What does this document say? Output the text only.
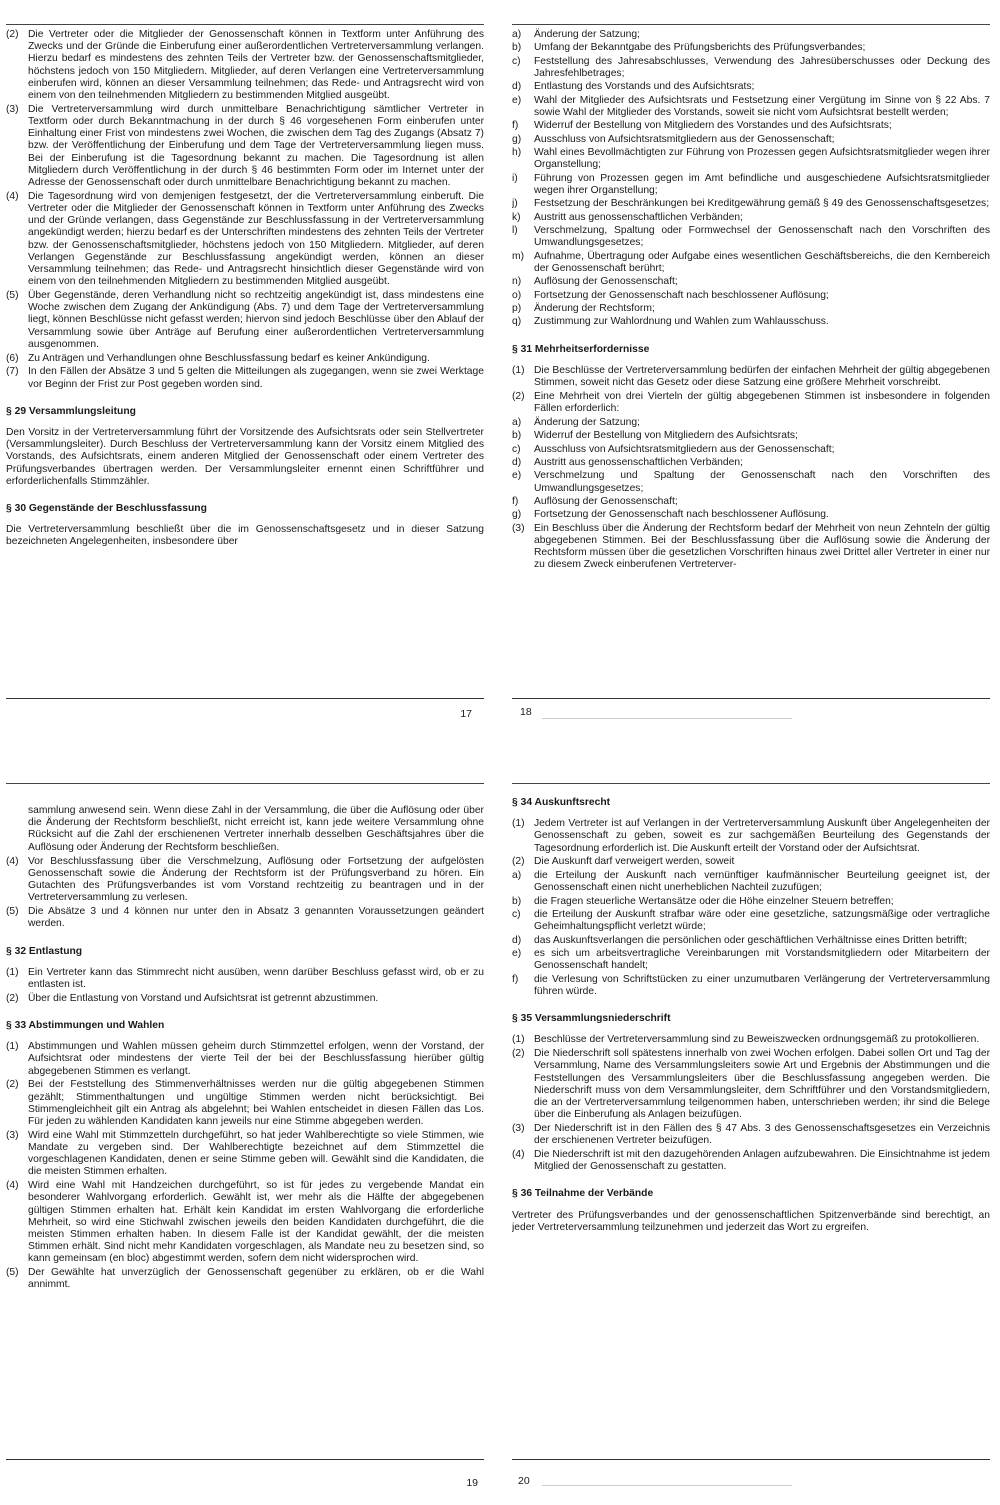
(2) Die Vertreter oder die Mitglieder der Genossenschaft können in Textform unter Anführung des Zwecks und der Gründe die Einberufung einer außerordentlichen Vertreterversammlung verlangen. Hierzu bedarf es mindestens des zehnten Teils der Vertreter bzw. der Genossenschaftsmitglieder, höchstens jedoch von 150 Mitgliedern. Mitglieder, auf deren Verlangen eine Vertreterversammlung einberufen wird, können an dieser Versammlung teilnehmen; das Rede- und Antragsrecht wird von einem von den teilnehmenden Mitgliedern zu bestimmenden Mitglied ausgeübt.
(3) Die Vertreterversammlung wird durch unmittelbare Benachrichtigung sämtlicher Vertreter in Textform oder durch Bekanntmachung in der durch § 46 vorgesehenen Form einberufen unter Einhaltung einer Frist von mindestens zwei Wochen, die zwischen dem Tag des Zugangs (Absatz 7) bzw. der Veröffentlichung der Einberufung und dem Tage der Vertreterversammlung liegen muss. Bei der Einberufung ist die Tagesordnung bekannt zu machen. Die Tagesordnung ist allen Mitgliedern durch Veröffentlichung in der durch § 46 bestimmten Form oder im Internet unter der Adresse der Genossenschaft oder durch unmittelbare Benachrichtigung bekannt zu machen.
(4) Die Tagesordnung wird von demjenigen festgesetzt, der die Vertreterversammlung einberuft. Die Vertreter oder die Mitglieder der Genossenschaft können in Textform unter Anführung des Zwecks und der Gründe verlangen, dass Gegenstände zur Beschlussfassung in der Vertreterversammlung angekündigt werden; hierzu bedarf es der Unterschriften mindestens des zehnten Teils der Vertreter bzw. der Genossenschaftsmitglieder, höchstens jedoch von 150 Mitgliedern. Mitglieder, auf deren Verlangen Gegenstände zur Beschlussfassung angekündigt werden, können an dieser Versammlung teilnehmen; das Rede- und Antragsrecht hinsichtlich dieser Gegenstände wird von einem von den teilnehmenden Mitgliedern zu bestimmenden Mitglied ausgeübt.
(5) Über Gegenstände, deren Verhandlung nicht so rechtzeitig angekündigt ist, dass mindestens eine Woche zwischen dem Zugang der Ankündigung (Abs. 7) und dem Tage der Vertreterversammlung liegt, können Beschlüsse nicht gefasst werden; hiervon sind jedoch Beschlüsse über den Ablauf der Versammlung sowie über Anträge auf Berufung einer außerordentlichen Vertreterversammlung ausgenommen.
(6) Zu Anträgen und Verhandlungen ohne Beschlussfassung bedarf es keiner Ankündigung.
(7) In den Fällen der Absätze 3 und 5 gelten die Mitteilungen als zugegangen, wenn sie zwei Werktage vor Beginn der Frist zur Post gegeben worden sind.
§ 29 Versammlungsleitung
Den Vorsitz in der Vertreterversammlung führt der Vorsitzende des Aufsichtsrats oder sein Stellvertreter (Versammlungsleiter). Durch Beschluss der Vertreterversammlung kann der Vorsitz einem Mitglied des Vorstands, des Aufsichtsrats, einem anderen Mitglied der Genossenschaft oder einem Vertreter des Prüfungsverbandes übertragen werden. Der Versammlungsleiter ernennt einen Schriftführer und erforderlichenfalls Stimmzähler.
§ 30 Gegenstände der Beschlussfassung
Die Vertreterversammlung beschließt über die im Genossenschaftsgesetz und in dieser Satzung bezeichneten Angelegenheiten, insbesondere über
17
a)	Änderung der Satzung;
b)	Umfang der Bekanntgabe des Prüfungsberichts des Prüfungsverbandes;
c)	Feststellung des Jahresabschlusses, Verwendung des Jahresüberschusses oder Deckung des Jahresfehlbetrages;
d)	Entlastung des Vorstands und des Aufsichtsrats;
e)	Wahl der Mitglieder des Aufsichtsrats und Festsetzung einer Vergütung im Sinne von § 22 Abs. 7 sowie Wahl der Mitglieder des Vorstands, soweit sie nicht vom Aufsichtsrat bestellt werden;
f)	Widerruf der Bestellung von Mitgliedern des Vorstandes und des Aufsichtsrats;
g)	Ausschluss von Aufsichtsratsmitgliedern aus der Genossenschaft;
h)	Wahl eines Bevollmächtigten zur Führung von Prozessen gegen Aufsichtsratsmitglieder wegen ihrer Organstellung;
i)	Führung von Prozessen gegen im Amt befindliche und ausgeschiedene Aufsichtsratsmitglieder wegen ihrer Organstellung;
j)	Festsetzung der Beschränkungen bei Kreditgewährung gemäß § 49 des Genossenschaftsgesetzes;
k)	Austritt aus genossenschaftlichen Verbänden;
l)	Verschmelzung, Spaltung oder Formwechsel der Genossenschaft nach den Vorschriften des Umwandlungsgesetzes;
m) Aufnahme, Übertragung oder Aufgabe eines wesentlichen Geschäftsbereichs, die den Kernbereich der Genossenschaft berührt;
n)	Auflösung der Genossenschaft;
o)	Fortsetzung der Genossenschaft nach beschlossener Auflösung;
p)	Änderung der Rechtsform;
q)	Zustimmung zur Wahlordnung und Wahlen zum Wahlausschuss.
§ 31 Mehrheitserfordernisse
(1) Die Beschlüsse der Vertreterversammlung bedürfen der einfachen Mehrheit der gültig abgegebenen Stimmen, soweit nicht das Gesetz oder diese Satzung eine größere Mehrheit vorschreibt.
(2) Eine Mehrheit von drei Vierteln der gültig abgegebenen Stimmen ist insbesondere in folgenden Fällen erforderlich:
a)	Änderung der Satzung;
b)	Widerruf der Bestellung von Mitgliedern des Aufsichtsrats;
c)	Ausschluss von Aufsichtsratsmitgliedern aus der Genossenschaft;
d)	Austritt aus genossenschaftlichen Verbänden;
e)	Verschmelzung und Spaltung der Genossenschaft nach den Vorschriften des Umwandlungsgesetzes;
f)	Auflösung der Genossenschaft;
g)	Fortsetzung der Genossenschaft nach beschlossener Auflösung.
(3) Ein Beschluss über die Änderung der Rechtsform bedarf der Mehrheit von neun Zehnteln der gültig abgegebenen Stimmen. Bei der Beschlussfassung über die Auflösung sowie die Änderung der Rechtsform müssen über die gesetzlichen Vorschriften hinaus zwei Drittel aller Vertreter in einer nur zu diesem Zweck einberufenen Vertreterver-
18
sammlung anwesend sein. Wenn diese Zahl in der Versammlung, die über die Auflösung oder über die Änderung der Rechtsform beschließt, nicht erreicht ist, kann jede weitere Versammlung ohne Rücksicht auf die Zahl der erschienenen Vertreter innerhalb desselben Geschäftsjahres über die Auflösung oder Änderung der Rechtsform beschließen.
(4) Vor Beschlussfassung über die Verschmelzung, Auflösung oder Fortsetzung der aufgelösten Genossenschaft sowie die Änderung der Rechtsform ist der Prüfungsverband zu hören. Ein Gutachten des Prüfungsverbandes ist vom Vorstand rechtzeitig zu beantragen und in der Vertreterversammlung zu verlesen.
(5) Die Absätze 3 und 4 können nur unter den in Absatz 3 genannten Voraussetzungen geändert werden.
§ 32 Entlastung
(1) Ein Vertreter kann das Stimmrecht nicht ausüben, wenn darüber Beschluss gefasst wird, ob er zu entlasten ist.
(2) Über die Entlastung von Vorstand und Aufsichtsrat ist getrennt abzustimmen.
§ 33 Abstimmungen und Wahlen
(1) Abstimmungen und Wahlen müssen geheim durch Stimmzettel erfolgen, wenn der Vorstand, der Aufsichtsrat oder mindestens der vierte Teil der bei der Beschlussfassung hierüber gültig abgegebenen Stimmen es verlangt.
(2) Bei der Feststellung des Stimmenverhältnisses werden nur die gültig abgegebenen Stimmen gezählt; Stimmenthaltungen und ungültige Stimmen werden nicht berücksichtigt. Bei Stimmengleichheit gilt ein Antrag als abgelehnt; bei Wahlen entscheidet in diesen Fällen das Los. Für jeden zu wählenden Kandidaten kann jeweils nur eine Stimme abgegeben werden.
(3) Wird eine Wahl mit Stimmzetteln durchgeführt, so hat jeder Wahlberechtigte so viele Stimmen, wie Mandate zu vergeben sind. Der Wahlberechtigte bezeichnet auf dem Stimmzettel die vorgeschlagenen Kandidaten, denen er seine Stimme geben will. Gewählt sind die Kandidaten, die die meisten Stimmen erhalten.
(4) Wird eine Wahl mit Handzeichen durchgeführt, so ist für jedes zu vergebende Mandat ein besonderer Wahlvorgang erforderlich. Gewählt ist, wer mehr als die Hälfte der abgegebenen gültigen Stimmen erhalten hat. Erhält kein Kandidat im ersten Wahlvorgang die erforderliche Mehrheit, so wird eine Stichwahl zwischen jeweils den beiden Kandidaten durchgeführt, die die meisten Stimmen erhalten haben. In diesem Falle ist der Kandidat gewählt, der die meisten Stimmen erhält. Sind nicht mehr Kandidaten vorgeschlagen, als Mandate neu zu besetzen sind, so kann gemeinsam (en bloc) abgestimmt werden, sofern dem nicht widersprochen wird.
(5) Der Gewählte hat unverzüglich der Genossenschaft gegenüber zu erklären, ob er die Wahl annimmt.
19
§ 34 Auskunftsrecht
(1) Jedem Vertreter ist auf Verlangen in der Vertreterversammlung Auskunft über Angelegenheiten der Genossenschaft zu geben, soweit es zur sachgemäßen Beurteilung des Gegenstands der Tagesordnung erforderlich ist. Die Auskunft erteilt der Vorstand oder der Aufsichtsrat.
(2) Die Auskunft darf verweigert werden, soweit
a)	die Erteilung der Auskunft nach vernünftiger kaufmännischer Beurteilung geeignet ist, der Genossenschaft einen nicht unerheblichen Nachteil zuzufügen;
b)	die Fragen steuerliche Wertansätze oder die Höhe einzelner Steuern betreffen;
c)	die Erteilung der Auskunft strafbar wäre oder eine gesetzliche, satzungsmäßige oder vertragliche Geheimhaltungspflicht verletzt würde;
d)	das Auskunftsverlangen die persönlichen oder geschäftlichen Verhältnisse eines Dritten betrifft;
e)	es sich um arbeitsvertragliche Vereinbarungen mit Vorstandsmitgliedern oder Mitarbeitern der Genossenschaft handelt;
f)	die Verlesung von Schriftstücken zu einer unzumutbaren Verlängerung der Vertreterversammlung führen würde.
§ 35 Versammlungsniederschrift
(1) Beschlüsse der Vertreterversammlung sind zu Beweiszwecken ordnungsgemäß zu protokollieren.
(2) Die Niederschrift soll spätestens innerhalb von zwei Wochen erfolgen. Dabei sollen Ort und Tag der Versammlung, Name des Versammlungsleiters sowie Art und Ergebnis der Abstimmungen und die Feststellungen des Versammlungsleiters über die Beschlussfassung angegeben werden. Die Niederschrift muss von dem Versammlungsleiter, dem Schriftführer und den Vorstandsmitgliedern, die an der Vertreterversammlung teilgenommen haben, unterschrieben werden; ihr sind die Belege über die Einberufung als Anlagen beizufügen.
(3) Der Niederschrift ist in den Fällen des § 47 Abs. 3 des Genossenschaftsgesetzes ein Verzeichnis der erschienenen Vertreter beizufügen.
(4) Die Niederschrift ist mit den dazugehörenden Anlagen aufzubewahren. Die Einsichtnahme ist jedem Mitglied der Genossenschaft zu gestatten.
§ 36 Teilnahme der Verbände
Vertreter des Prüfungsverbandes und der genossenschaftlichen Spitzenverbände sind berechtigt, an jeder Vertreterversammlung teilzunehmen und jederzeit das Wort zu ergreifen.
20
